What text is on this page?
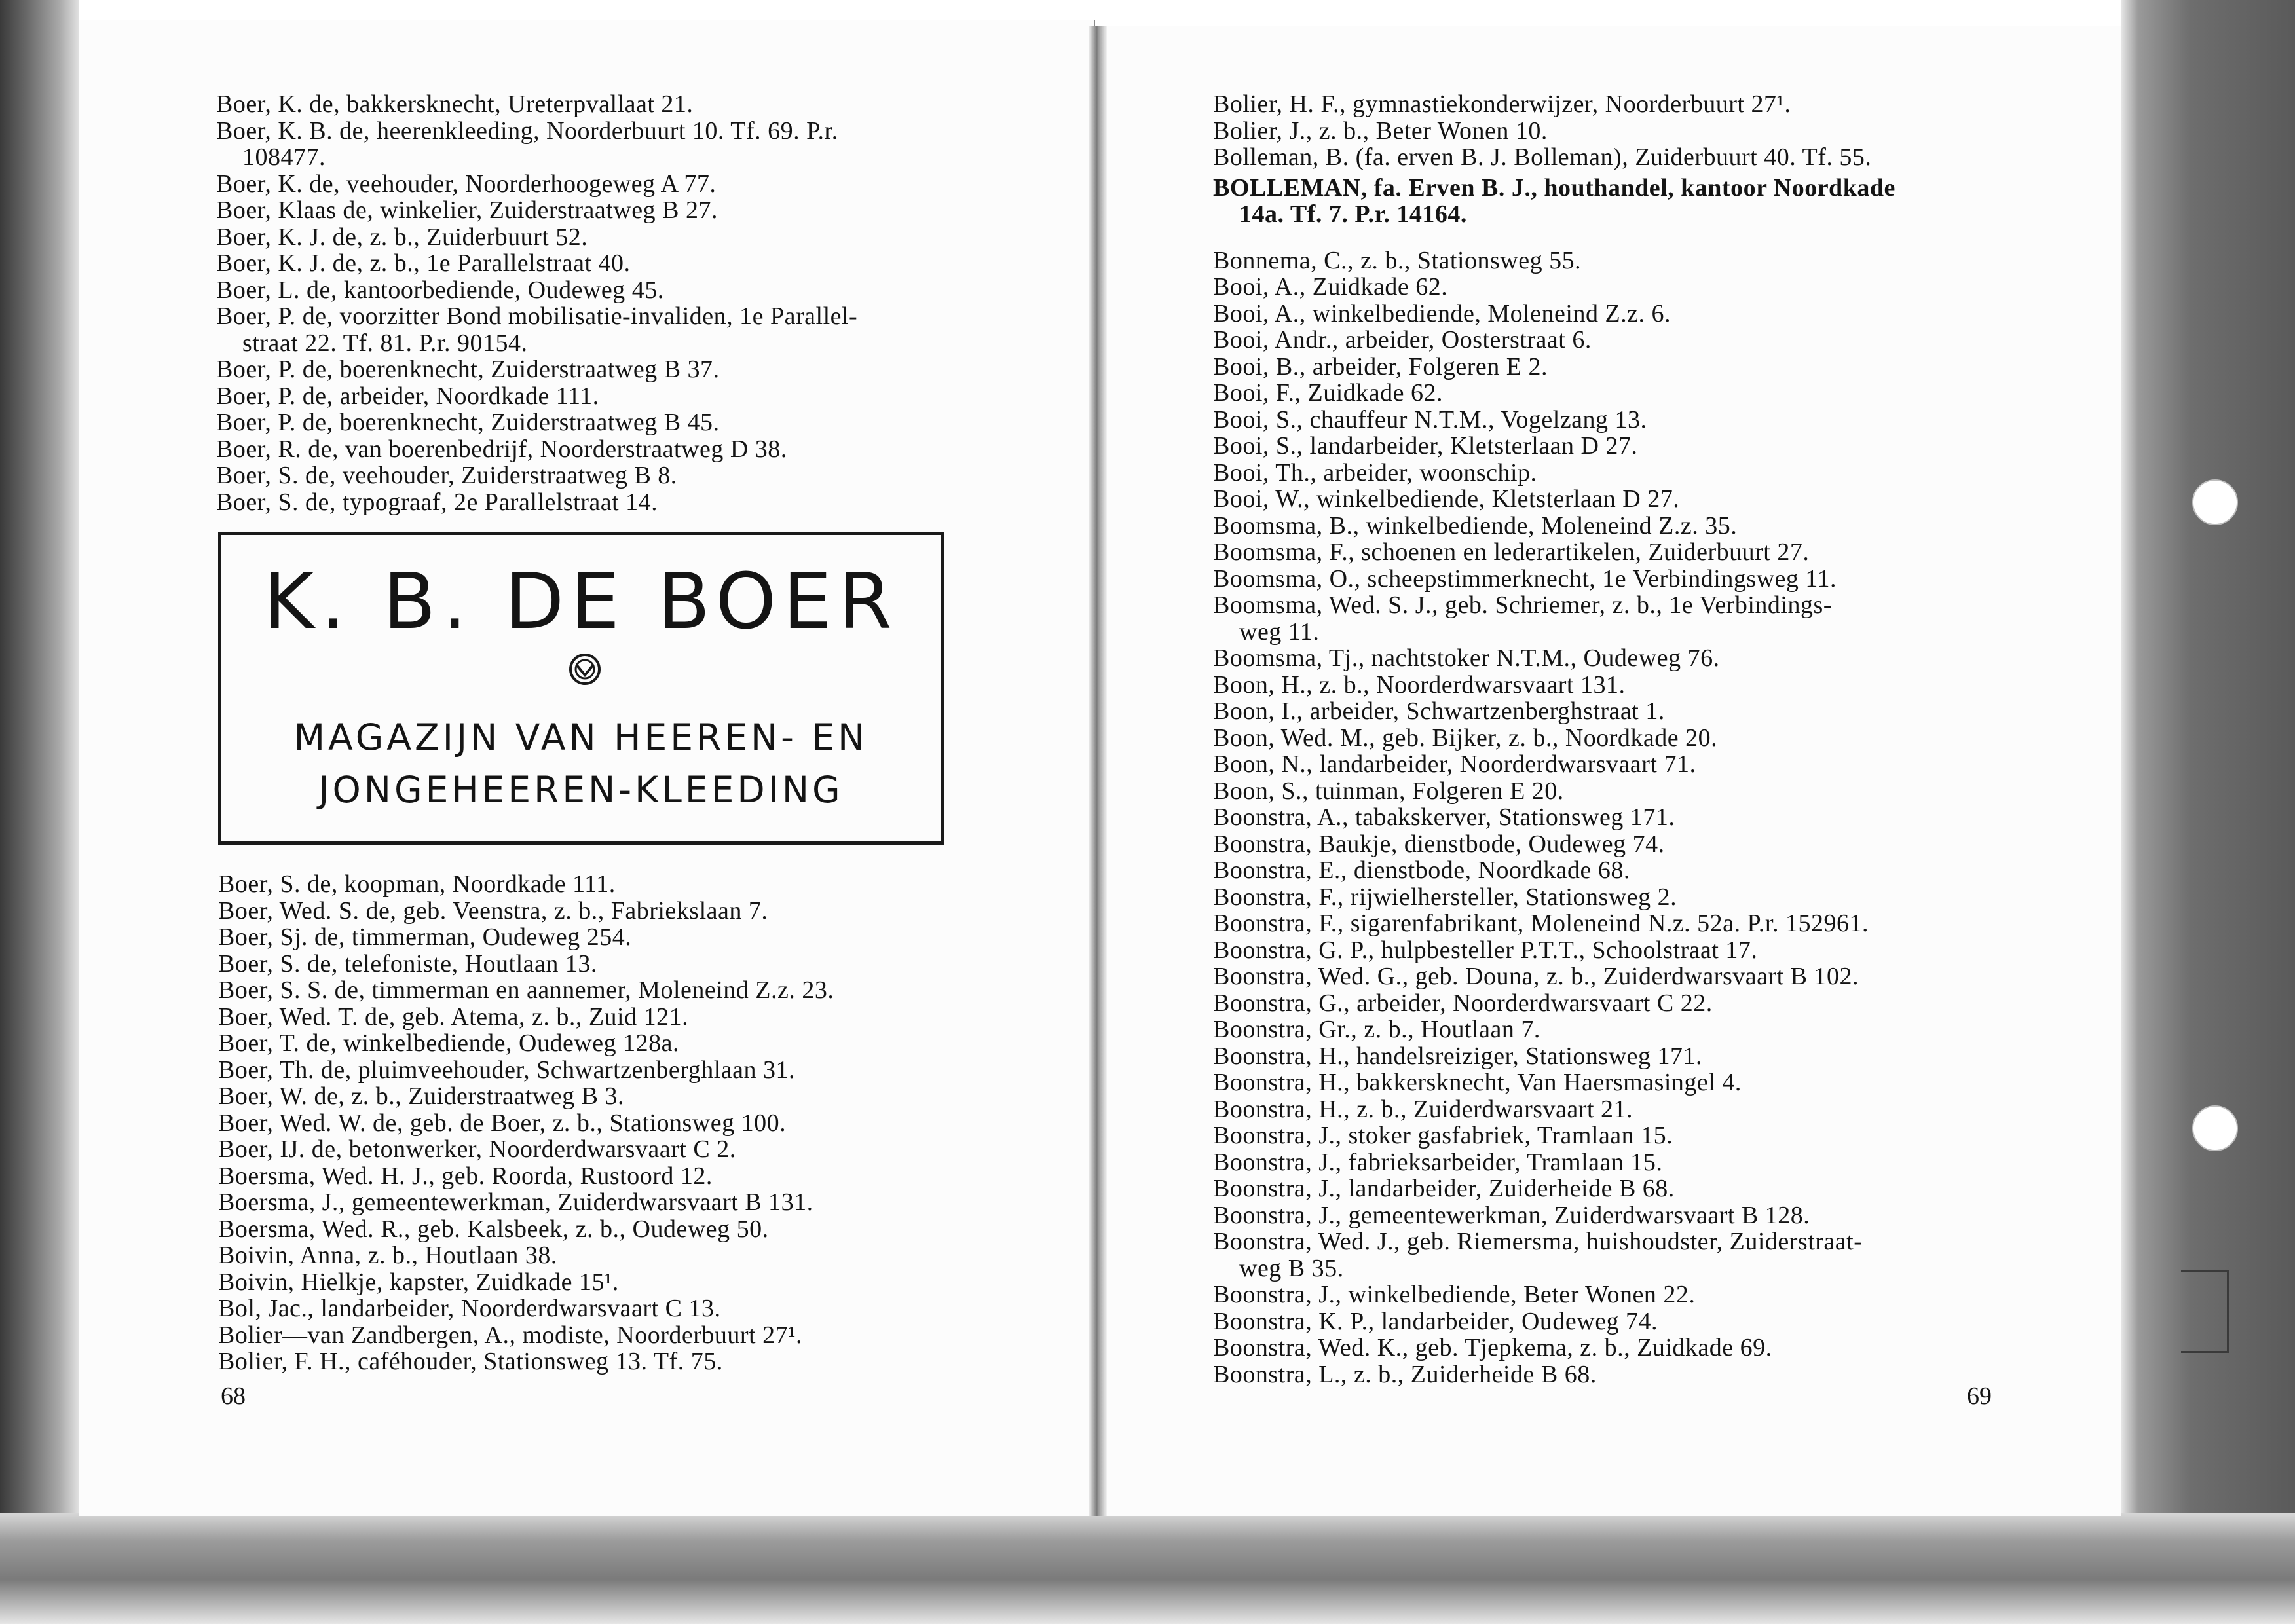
Boer, K. de, bakkersknecht, Ureterpvallaat 21.
Boer, K. B. de, heerenkleeding, Noorderbuurt 10. Tf. 69. P.r.
108477.
Boer, K. de, veehouder, Noorderhoogeweg A 77.
Boer, Klaas de, winkelier, Zuiderstraatweg B 27.
Boer, K. J. de, z. b., Zuiderbuurt 52.
Boer, K. J. de, z. b., 1e Parallelstraat 40.
Boer, L. de, kantoorbediende, Oudeweg 45.
Boer, P. de, voorzitter Bond mobilisatie-invaliden, 1e Parallel-
straat 22. Tf. 81. P.r. 90154.
Boer, P. de, boerenknecht, Zuiderstraatweg B 37.
Boer, P. de, arbeider, Noordkade 111.
Boer, P. de, boerenknecht, Zuiderstraatweg B 45.
Boer, R. de, van boerenbedrijf, Noorderstraatweg D 38.
Boer, S. de, veehouder, Zuiderstraatweg B 8.
Boer, S. de, typograaf, 2e Parallelstraat 14.
K. B. DE BOER
MAGAZIJN VAN HEEREN- EN
JONGEHEEREN-KLEEDING
Boer, S. de, koopman, Noordkade 111.
Boer, Wed. S. de, geb. Veenstra, z. b., Fabriekslaan 7.
Boer, Sj. de, timmerman, Oudeweg 254.
Boer, S. de, telefoniste, Houtlaan 13.
Boer, S. S. de, timmerman en aannemer, Moleneind Z.z. 23.
Boer, Wed. T. de, geb. Atema, z. b., Zuid 121.
Boer, T. de, winkelbediende, Oudeweg 128a.
Boer, Th. de, pluimveehouder, Schwartzenberghlaan 31.
Boer, W. de, z. b., Zuiderstraatweg B 3.
Boer, Wed. W. de, geb. de Boer, z. b., Stationsweg 100.
Boer, IJ. de, betonwerker, Noorderdwarsvaart C 2.
Boersma, Wed. H. J., geb. Roorda, Rustoord 12.
Boersma, J., gemeentewerkman, Zuiderdwarsvaart B 131.
Boersma, Wed. R., geb. Kalsbeek, z. b., Oudeweg 50.
Boivin, Anna, z. b., Houtlaan 38.
Boivin, Hielkje, kapster, Zuidkade 15¹.
Bol, Jac., landarbeider, Noorderdwarsvaart C 13.
Bolier—van Zandbergen, A., modiste, Noorderbuurt 27¹.
Bolier, F. H., caféhouder, Stationsweg 13. Tf. 75.
68
Bolier, H. F., gymnastiekonderwijzer, Noorderbuurt 27¹.
Bolier, J., z. b., Beter Wonen 10.
Bolleman, B. (fa. erven B. J. Bolleman), Zuiderbuurt 40. Tf. 55.
BOLLEMAN, fa. Erven B. J., houthandel, kantoor Noordkade
14a. Tf. 7. P.r. 14164.
Bonnema, C., z. b., Stationsweg 55.
Booi, A., Zuidkade 62.
Booi, A., winkelbediende, Moleneind Z.z. 6.
Booi, Andr., arbeider, Oosterstraat 6.
Booi, B., arbeider, Folgeren E 2.
Booi, F., Zuidkade 62.
Booi, S., chauffeur N.T.M., Vogelzang 13.
Booi, S., landarbeider, Kletsterlaan D 27.
Booi, Th., arbeider, woonschip.
Booi, W., winkelbediende, Kletsterlaan D 27.
Boomsma, B., winkelbediende, Moleneind Z.z. 35.
Boomsma, F., schoenen en lederartikelen, Zuiderbuurt 27.
Boomsma, O., scheepstimmerknecht, 1e Verbindingsweg 11.
Boomsma, Wed. S. J., geb. Schriemer, z. b., 1e Verbindings-
weg 11.
Boomsma, Tj., nachtstoker N.T.M., Oudeweg 76.
Boon, H., z. b., Noorderdwarsvaart 131.
Boon, I., arbeider, Schwartzenberghstraat 1.
Boon, Wed. M., geb. Bijker, z. b., Noordkade 20.
Boon, N., landarbeider, Noorderdwarsvaart 71.
Boon, S., tuinman, Folgeren E 20.
Boonstra, A., tabakskerver, Stationsweg 171.
Boonstra, Baukje, dienstbode, Oudeweg 74.
Boonstra, E., dienstbode, Noordkade 68.
Boonstra, F., rijwielhersteller, Stationsweg 2.
Boonstra, F., sigarenfabrikant, Moleneind N.z. 52a. P.r. 152961.
Boonstra, G. P., hulpbesteller P.T.T., Schoolstraat 17.
Boonstra, Wed. G., geb. Douna, z. b., Zuiderdwarsvaart B 102.
Boonstra, G., arbeider, Noorderdwarsvaart C 22.
Boonstra, Gr., z. b., Houtlaan 7.
Boonstra, H., handelsreiziger, Stationsweg 171.
Boonstra, H., bakkersknecht, Van Haersmasingel 4.
Boonstra, H., z. b., Zuiderdwarsvaart 21.
Boonstra, J., stoker gasfabriek, Tramlaan 15.
Boonstra, J., fabrieksarbeider, Tramlaan 15.
Boonstra, J., landarbeider, Zuiderheide B 68.
Boonstra, J., gemeentewerkman, Zuiderdwarsvaart B 128.
Boonstra, Wed. J., geb. Riemersma, huishoudster, Zuiderstraat-
weg B 35.
Boonstra, J., winkelbediende, Beter Wonen 22.
Boonstra, K. P., landarbeider, Oudeweg 74.
Boonstra, Wed. K., geb. Tjepkema, z. b., Zuidkade 69.
Boonstra, L., z. b., Zuiderheide B 68.
69
